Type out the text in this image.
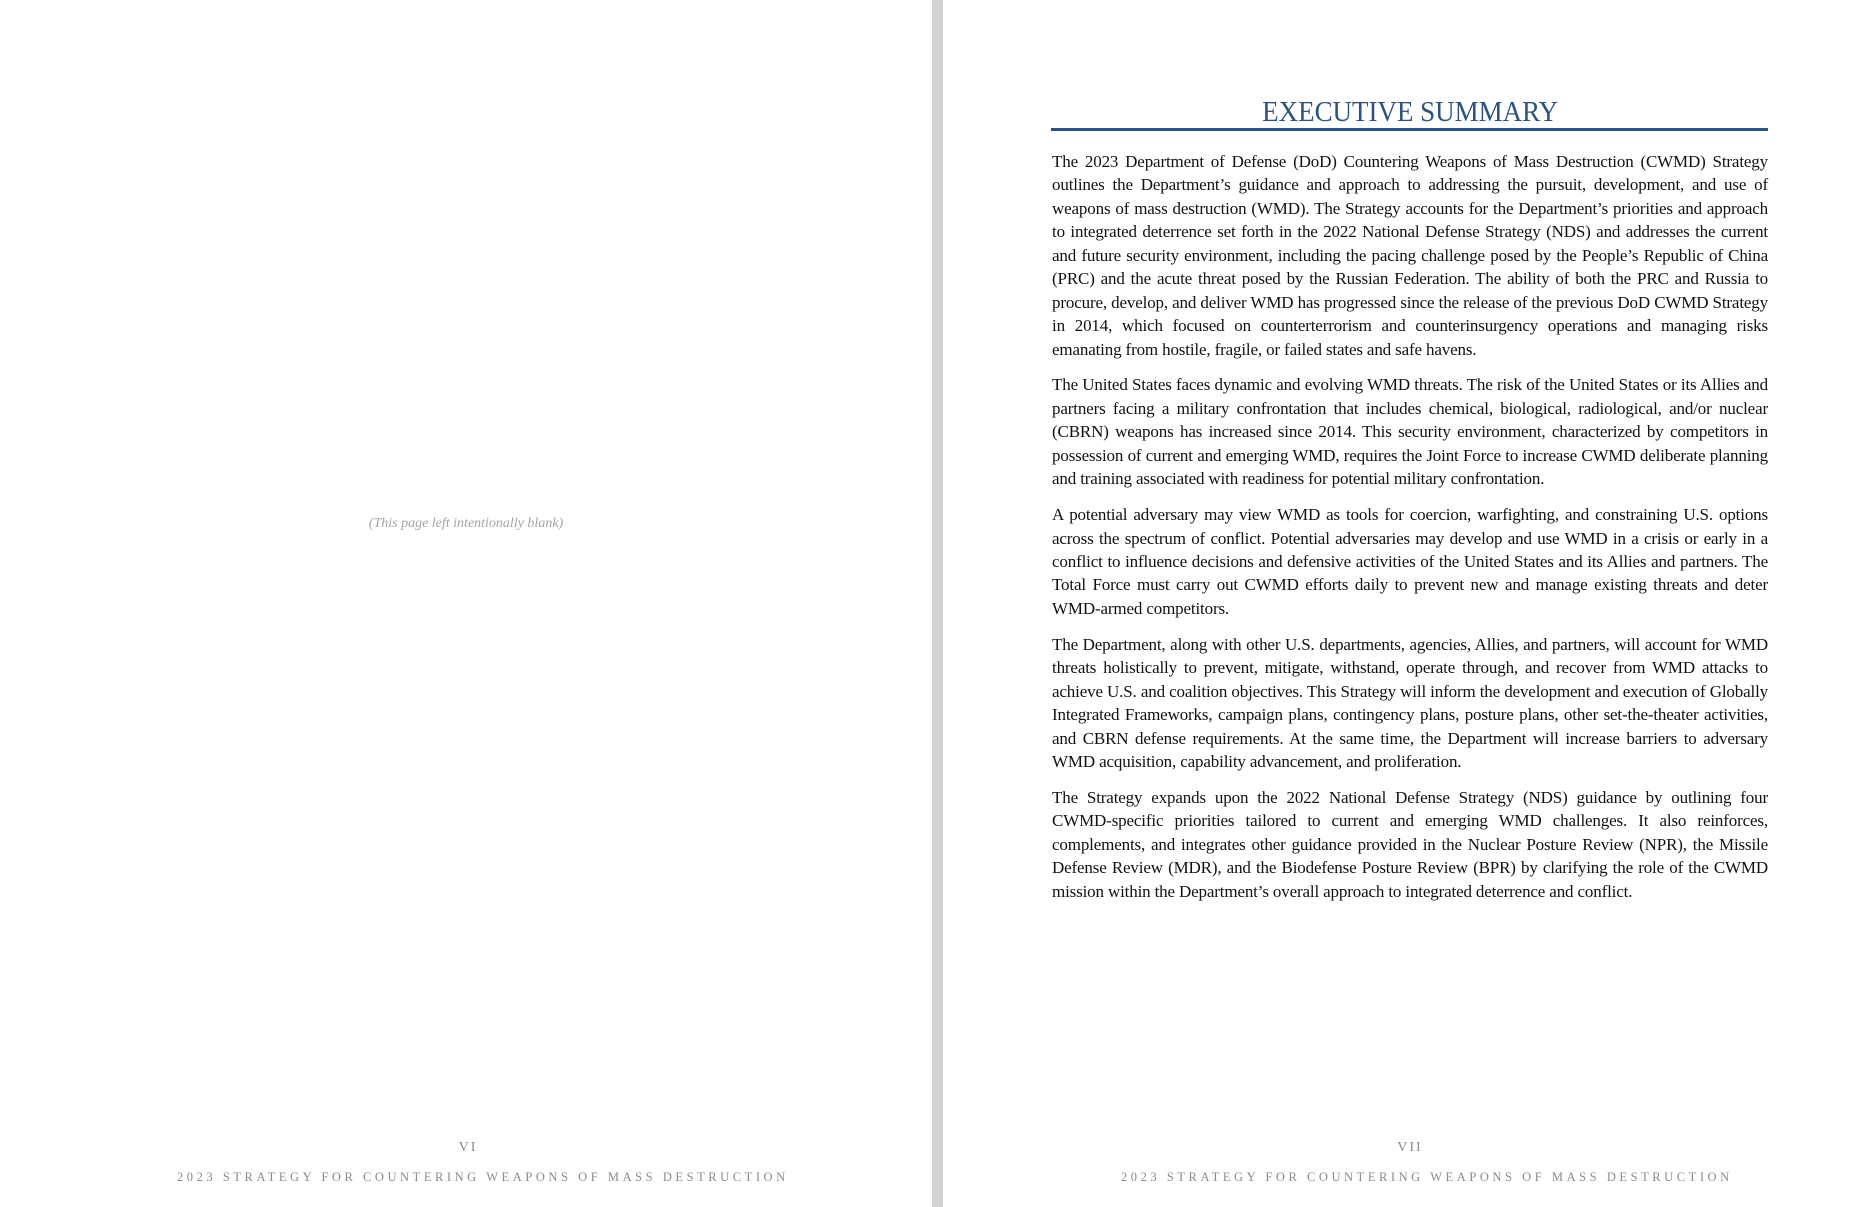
(This page left intentionally blank)
VI
2023 STRATEGY FOR COUNTERING WEAPONS OF MASS DESTRUCTION
EXECUTIVE SUMMARY

The 2023 Department of Defense (DoD) Countering Weapons of Mass Destruction (CWMD) Strategy outlines the Department’s guidance and approach to addressing the pursuit, development, and use of weapons of mass destruction (WMD). The Strategy accounts for the Department’s priorities and approach to integrated deterrence set forth in the 2022 National Defense Strategy (NDS) and addresses the current and future security environment, including the pacing challenge posed by the People’s Republic of China (PRC) and the acute threat posed by the Russian Federation. The ability of both the PRC and Russia to procure, develop, and deliver WMD has progressed since the release of the previous DoD CWMD Strategy in 2014, which focused on counterterrorism and counterinsurgency operations and managing risks emanating from hostile, fragile, or failed states and safe havens.

The United States faces dynamic and evolving WMD threats. The risk of the United States or its Allies and partners facing a military confrontation that includes chemical, biological, radiological, and/or nuclear (CBRN) weapons has increased since 2014. This security environment, characterized by competitors in possession of current and emerging WMD, requires the Joint Force to increase CWMD deliberate planning and training associated with readiness for potential military confrontation.

A potential adversary may view WMD as tools for coercion, warfighting, and constraining U.S. options across the spectrum of conflict. Potential adversaries may develop and use WMD in a crisis or early in a conflict to influence decisions and defensive activities of the United States and its Allies and partners. The Total Force must carry out CWMD efforts daily to prevent new and manage existing threats and deter WMD-armed competitors.

The Department, along with other U.S. departments, agencies, Allies, and partners, will account for WMD threats holistically to prevent, mitigate, withstand, operate through, and recover from WMD attacks to achieve U.S. and coalition objectives. This Strategy will inform the development and execution of Globally Integrated Frameworks, campaign plans, contingency plans, posture plans, other set-the-theater activities, and CBRN defense requirements. At the same time, the Department will increase barriers to adversary WMD acquisition, capability advancement, and proliferation.

The Strategy expands upon the 2022 National Defense Strategy (NDS) guidance by outlining four CWMD-specific priorities tailored to current and emerging WMD challenges. It also reinforces, complements, and integrates other guidance provided in the Nuclear Posture Review (NPR), the Missile Defense Review (MDR), and the Biodefense Posture Review (BPR) by clarifying the role of the CWMD mission within the Department’s overall approach to integrated deterrence and conflict.

VII
2023 STRATEGY FOR COUNTERING WEAPONS OF MASS DESTRUCTION
